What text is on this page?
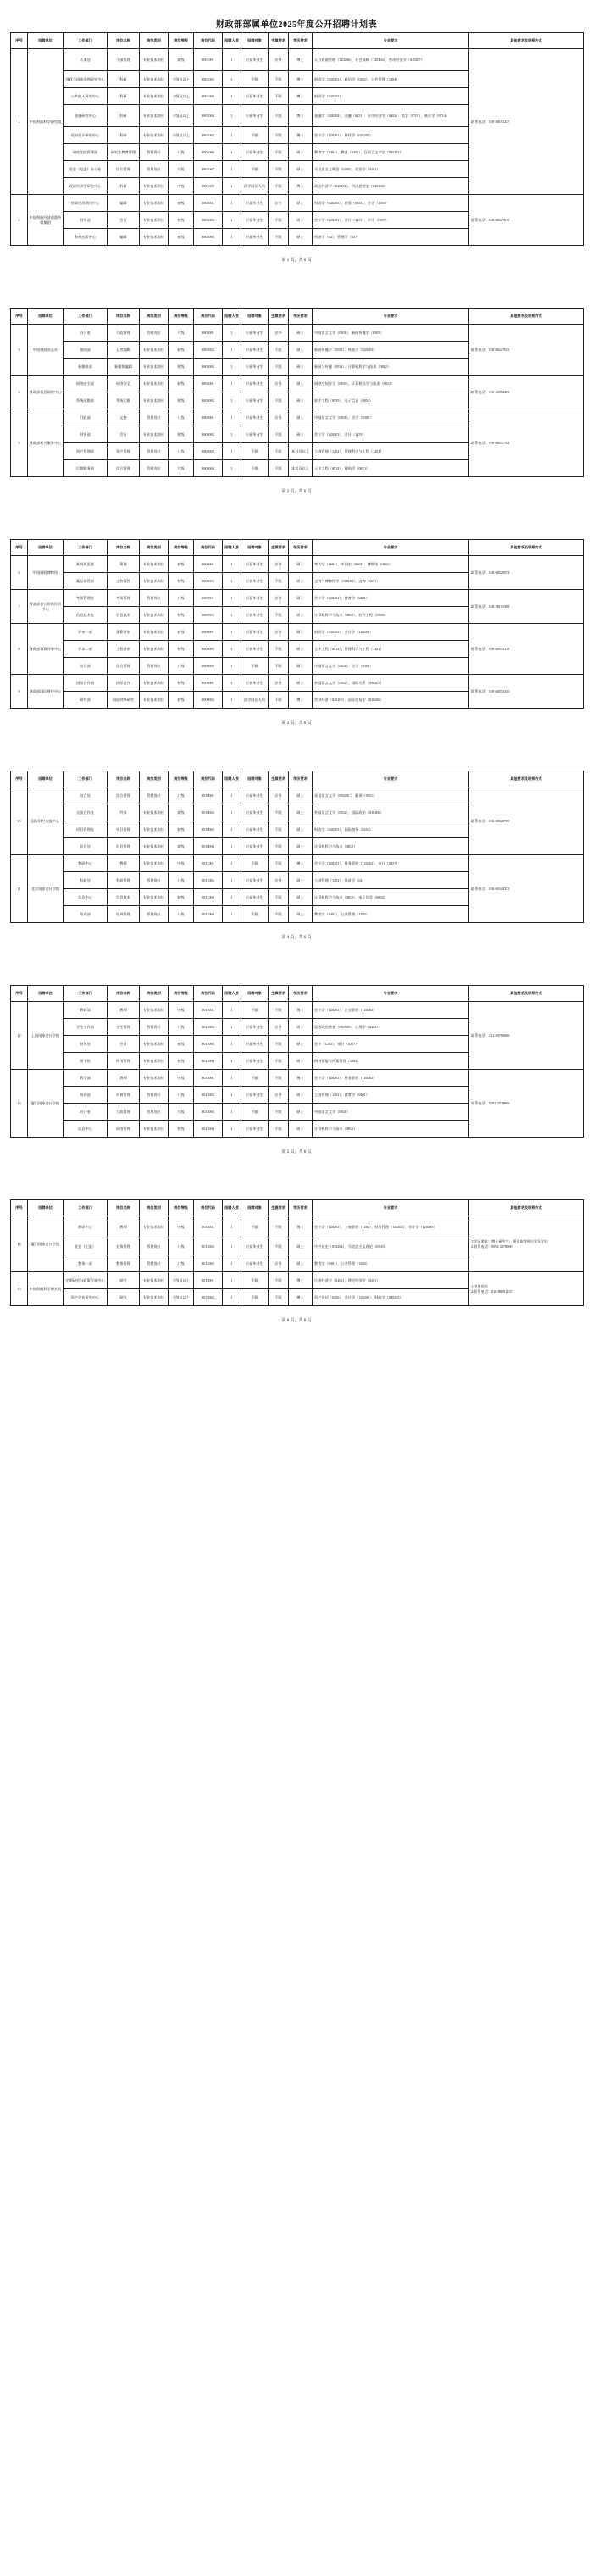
财政部部属单位2025年度公开招聘计划表
序号	招聘单位	工作部门	岗位名称	岗位类别	岗位等级	岗位代码	招聘人数	招聘对象	生源要求	学历要求	专业要求	其他要求及联系方式
1	中国财政科学研究院	人事处	干部管理	专业技术岗位	初级	0001001	1	应届毕业生	京外	博士	人力资源管理（120206）、社会保障（120404）、劳动经济学（020207）	联系电话：010-88191237
		财政与国家治理研究中心	科研	专业技术岗位	十级及以上	0001002	1	不限	不限	博士	财政学（020203）、政治学（0302）、公共管理（1204）	
		公共收入研究中心	科研	专业技术岗位	十级及以上	0001003	1	应届毕业生	不限	博士	财政学（020203）	
		金融研究中心	科研	专业技术岗位	十级及以上	0001004	1	应届毕业生	不限	博士	金融学（020204）、金融（0251）、应用经济学（0202）、数学（0701）、统计学（0714）	
		政府会计研究中心	科研	专业技术岗位	十级及以上	0001005	1	不限	不限	博士	会计学（120201）、财政学（020203）	
		研究生院管理部	研究生教育管理	管理岗位	八级	0001006	1	应届毕业生	不限	硕士	教育学（0401）、教育（0451）、汉语言文字学（050103）	
		党委（纪委）办公室	综合管理	管理岗位	八级	0001007	1	不限	不限	硕士	马克思主义理论（0305）、政治学（0302）	
		政治经济学研究中心	科研	专业技术岗位	中级	0001008	1	留学回国人员	不限	博士	政治经济学（020101）、经济思想史（020102）	
2	中国财政经济出版传媒集团	财政经济期刊中心	编辑	专业技术岗位	初级	0002001	1	应届毕业生	京外	硕士	财政学（020203）、税务（0253）、会计（1253）	联系电话：010-88227619
		财务部	会计	专业技术岗位	初级	0002002	1	应届毕业生	不限	硕士	会计学（120201）、会计（1253）、审计（0257）	
		教材出版中心	编辑	专业技术岗位	初级	0002003	1	应届毕业生	不限	硕士	经济学（02）、管理学（12）	
第 1 页，共 6 页
序号	招聘单位	工作部门	岗位名称	岗位类别	岗位等级	岗位代码	招聘人数	招聘对象	生源要求	学历要求	专业要求	其他要求及联系方式
3	中国财政杂志社	办公室	行政管理	管理岗位	八级	0003001	1	应届毕业生	京外	硕士	中国语言文学（0501）、新闻传播学（0503）	联系电话：010-88227635
		要闻部	记者编辑	专业技术岗位	初级	0003002	1	应届毕业生	不限	硕士	新闻传播学（0503）、财政学（020203）	
		新媒体部	新媒体编辑	专业技术岗位	初级	0003003	1	应届毕业生	不限	硕士	新闻与传播（0552）、计算机科学与技术（0812）	
4	财政部信息网络中心	网络安全部	网络安全	专业技术岗位	初级	0004001	1	应届毕业生	京外	硕士	网络空间安全（0839）、计算机科学与技术（0812）	联系电话：010-68552283
		系统运维部	系统运维	专业技术岗位	初级	0004002	1	应届毕业生	不限	硕士	软件工程（0835）、电子信息（0854）	
5	财政部机关服务中心	行政部	文秘	管理岗位	八级	0005001	1	应届毕业生	京外	硕士	中国语言文学（0501）、法学（0301）	联系电话：010-68551702
		财务部	会计	专业技术岗位	初级	0005002	1	应届毕业生	不限	硕士	会计学（120201）、会计（1253）	
		资产管理部	资产管理	管理岗位	八级	0005003	1	不限	不限	本科及以上	工商管理（1202）、管理科学与工程（1201）	
		后勤服务部	综合管理	管理岗位	九级	0005004	1	不限	不限	本科及以上	土木工程（0814）、建筑学（0813）	
第 2 页，共 6 页
序号	招聘单位	工作部门	岗位名称	岗位类别	岗位等级	岗位代码	招聘人数	招聘对象	生源要求	学历要求	专业要求	其他要求及联系方式
6	中国财政博物馆	陈列展览部	策展	专业技术岗位	初级	0006001	1	应届毕业生	京外	硕士	考古学（0601）、中国史（0602）、博物馆（0651）	联系电话：010-68520072
		藏品保管部	文物保管	专业技术岗位	初级	0006002	1	应届毕业生	不限	硕士	文物与博物馆学（060104）、文物（0651）	
7	财政部会计资格评价中心	考务管理处	考务管理	管理岗位	八级	0007001	1	应届毕业生	京外	硕士	会计学（120201）、教育学（0401）	联系电话：010-88191588
		信息技术处	信息技术	专业技术岗位	初级	0007002	1	应届毕业生	不限	硕士	计算机科学与技术（0812）、软件工程（0835）	
8	财政部预算评审中心	评审一部	预算评审	专业技术岗位	初级	0008001	1	应届毕业生	京外	硕士	财政学（020203）、会计学（120201）	联系电话：010-68543110
		评审二部	工程评审	专业技术岗位	初级	0008002	1	应届毕业生	不限	硕士	土木工程（0814）、管理科学与工程（1201）	
		综合部	综合管理	管理岗位	八级	0008003	1	不限	不限	硕士	中国语言文学（0501）、法学（0301）	
9	财政部国际财经中心	国际合作部	国际合作	专业技术岗位	初级	0009001	1	应届毕业生	京外	硕士	外国语言文学（0502）、国际关系（030207）	联系电话：010-68553350
		研究部	国际财经研究	专业技术岗位	初级	0009002	1	留学回国人员	不限	博士	世界经济（020105）、国际贸易学（020206）	
第 3 页，共 6 页
序号	招聘单位	工作部门	岗位名称	岗位类别	岗位等级	岗位代码	招聘人数	招聘对象	生源要求	学历要求	专业要求	其他要求及联系方式
10	国际财经交流中心	综合处	综合管理	管理岗位	八级	0010001	1	应届毕业生	京外	硕士	英语语言文学（050201）、翻译（0551）	联系电话：010-68528709
		交流合作处	外事	专业技术岗位	初级	0010002	1	应届毕业生	不限	硕士	外国语言文学（0502）、国际政治（030206）	
		项目管理处	项目管理	专业技术岗位	初级	0010003	1	应届毕业生	不限	硕士	财政学（020203）、国际商务（0254）	
		信息处	信息管理	专业技术岗位	初级	0010004	1	应届毕业生	不限	硕士	计算机科学与技术（0812）	
11	北京国家会计学院	教研中心	教师	专业技术岗位	中级	0011001	1	不限	不限	博士	会计学（120201）、财务管理（120202）、审计（0257）	联系电话：010-69344521
		科研处	科研管理	管理岗位	八级	0011002	1	应届毕业生	京外	硕士	工商管理（1202）、经济学（02）	
		信息中心	信息技术	专业技术岗位	初级	0011003	1	应届毕业生	不限	硕士	计算机科学与技术（0812）、电子信息（0854）	
		培训部	培训管理	管理岗位	八级	0011004	1	不限	不限	硕士	教育学（0401）、公共管理（1204）	
第 4 页，共 6 页
序号	招聘单位	工作部门	岗位名称	岗位类别	岗位等级	岗位代码	招聘人数	招聘对象	生源要求	学历要求	专业要求	其他要求及联系方式
12	上海国家会计学院	教研部	教师	专业技术岗位	中级	0012001	1	不限	不限	博士	会计学（120201）、企业管理（120202）	联系电话：021-69768000
		学生工作部	学生管理	管理岗位	八级	0012002	1	应届毕业生	京外	硕士	思想政治教育（030505）、心理学（0402）	
		财务处	会计	专业技术岗位	初级	0012003	1	应届毕业生	不限	硕士	会计（1253）、审计（0257）	
		图书馆	图书管理	专业技术岗位	初级	0012004	1	应届毕业生	不限	硕士	图书情报与档案管理（1205）	
13	厦门国家会计学院	教学部	教师	专业技术岗位	中级	0013001	1	不限	不限	博士	会计学（120201）、财务管理（120202）	联系电话：0592-2578800
		培训部	培训管理	管理岗位	八级	0013002	1	应届毕业生	京外	硕士	工商管理（1202）、教育学（0401）	
		办公室	行政管理	管理岗位	八级	0013003	1	不限	不限	硕士	中国语言文学（0501）	
		信息中心	网络管理	专业技术岗位	初级	0013004	1	应届毕业生	不限	硕士	计算机科学与技术（0812）	
第 5 页，共 6 页
序号	招聘单位	工作部门	岗位名称	岗位类别	岗位等级	岗位代码	招聘人数	招聘对象	生源要求	学历要求	专业要求	其他要求及联系方式
14	厦门国家会计学院	教研中心	教师	专业技术岗位	中级	0014001	1	不限	不限	博士	会计学（120201）、工商管理（1202）、财务管理（120202）、审计学（1202Z1）	1.学历要求：博士研究生，须已取得相应学历学位
2.联系电话：0592-2578000
		党委（纪委）	党务管理	管理岗位	八级	0014002	1	应届毕业生	不限	硕士	中共党史（030204）、马克思主义理论（0305）	
		教务一部	教务管理	管理岗位	八级	0014003	1	应届毕业生	京外	硕士	教育学（0401）、公共管理（1204）	
15	中国财政科学研究院	定期研究与政策咨询中心	研究	专业技术岗位	十级及以上	0015001	1	不限	不限	博士	应用经济学（0202）、理论经济学（0201）	1.中共党员
2.联系电话：010-88191237
		资产评估研究中心	研究	专业技术岗位	十级及以上	0015002	1	不限	不限	博士	资产评估（0256）、会计学（120201）、财政学（020203）	
第 6 页，共 6 页
